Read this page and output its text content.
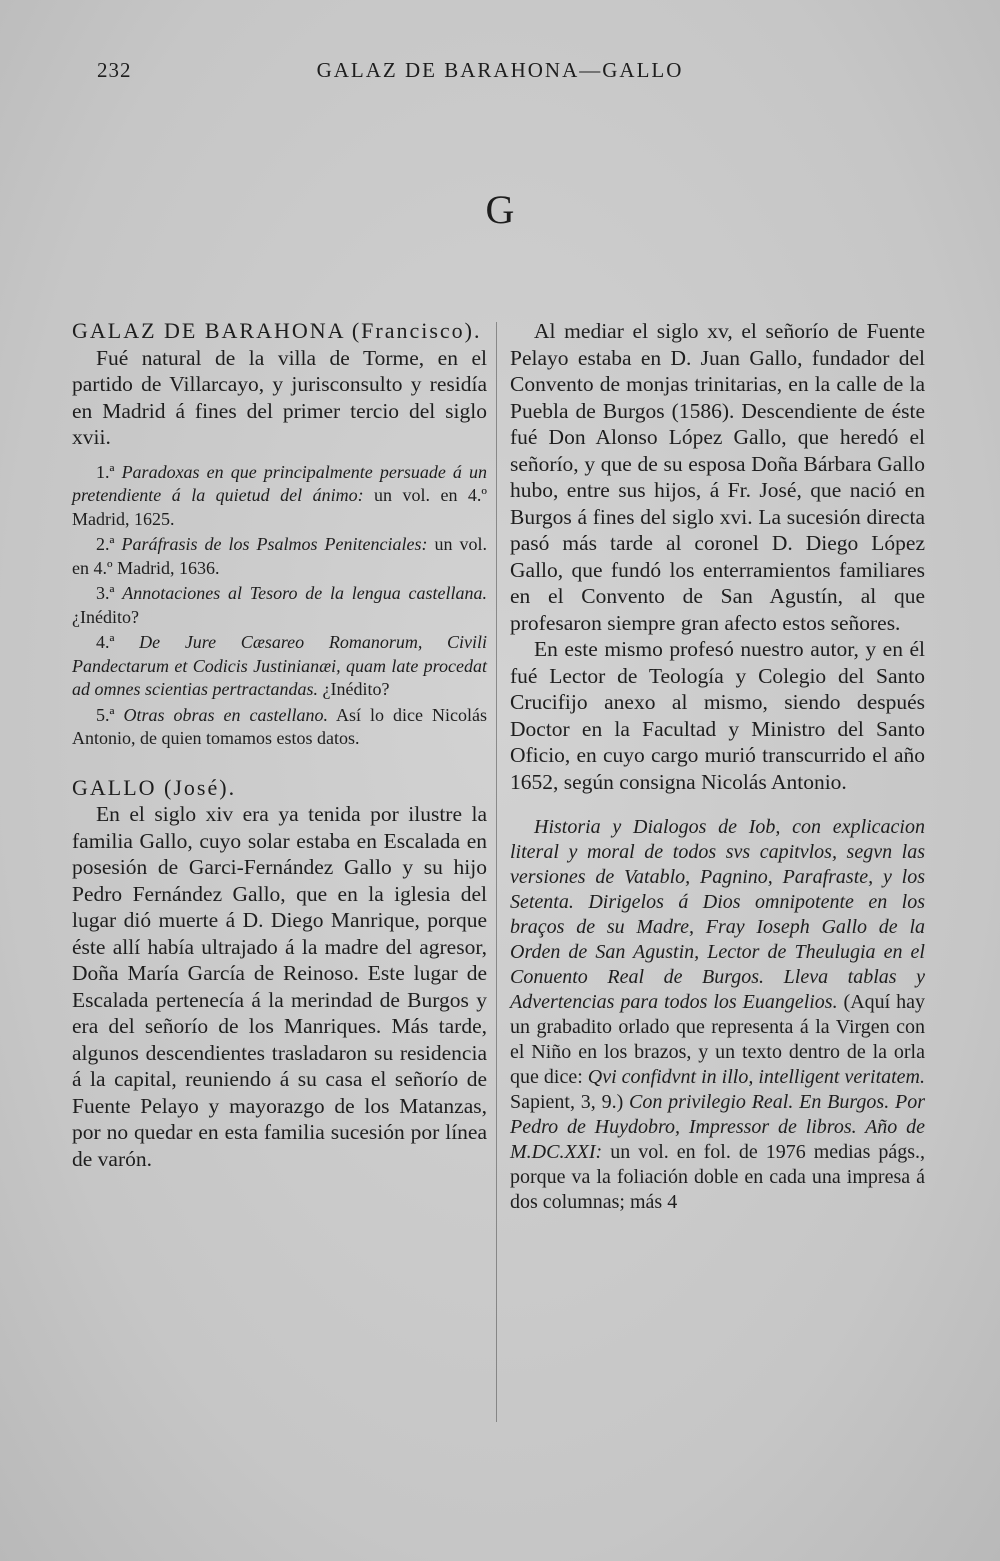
232	GALAZ DE BARAHONA—GALLO
G

GALAZ DE BARAHONA (Francisco).

Fué natural de la villa de Torme, en el partido de Villarcayo, y jurisconsulto y residía en Madrid á fines del primer tercio del siglo xvii.

1.ª Paradoxas en que principalmente persuade á un pretendiente á la quietud del ánimo: un vol. en 4.º Madrid, 1625.

2.ª Paráfrasis de los Psalmos Penitenciales: un vol. en 4.º Madrid, 1636.

3.ª Annotaciones al Tesoro de la lengua castellana. ¿Inédito?

4.ª De Jure Cæsareo Romanorum, Civili Pandectarum et Codicis Justinianæi, quam late procedat ad omnes scientias pertractandas. ¿Inédito?

5.ª Otras obras en castellano. Así lo dice Nicolás Antonio, de quien tomamos estos datos.

GALLO (José).

En el siglo xiv era ya tenida por ilustre la familia Gallo, cuyo solar estaba en Escalada en posesión de Garci-Fernández Gallo y su hijo Pedro Fernández Gallo, que en la iglesia del lugar dió muerte á D. Diego Manrique, porque éste allí había ultrajado á la madre del agresor, Doña María García de Reinoso. Este lugar de Escalada pertenecía á la merindad de Burgos y era del señorío de los Manriques. Más tarde, algunos descendientes trasladaron su residencia á la capital, reuniendo á su casa el señorío de Fuente Pelayo y mayorazgo de los Matanzas, por no quedar en esta familia sucesión por línea de varón.

Al mediar el siglo xv, el señorío de Fuente Pelayo estaba en D. Juan Gallo, fundador del Convento de monjas trinitarias, en la calle de la Puebla de Burgos (1586). Descendiente de éste fué Don Alonso López Gallo, que heredó el señorío, y que de su esposa Doña Bárbara Gallo hubo, entre sus hijos, á Fr. José, que nació en Burgos á fines del siglo xvi. La sucesión directa pasó más tarde al coronel D. Diego López Gallo, que fundó los enterramientos familiares en el Convento de San Agustín, al que profesaron siempre gran afecto estos señores.

En este mismo profesó nuestro autor, y en él fué Lector de Teología y Colegio del Santo Crucifijo anexo al mismo, siendo después Doctor en la Facultad y Ministro del Santo Oficio, en cuyo cargo murió transcurrido el año 1652, según consigna Nicolás Antonio.

Historia y Dialogos de Iob, con explicacion literal y moral de todos svs capitvlos, segvn las versiones de Vatablo, Pagnino, Parafraste, y los Setenta. Dirigelos á Dios omnipotente en los braços de su Madre, Fray Ioseph Gallo de la Orden de San Agustin, Lector de Theulugia en el Conuento Real de Burgos. Lleva tablas y Advertencias para todos los Euangelios. (Aquí hay un grabadito orlado que representa á la Virgen con el Niño en los brazos, y un texto dentro de la orla que dice: Qvi confidvnt in illo, intelligent veritatem. Sapient, 3, 9.) Con privilegio Real. En Burgos. Por Pedro de Huydobro, Impressor de libros. Año de M.DC.XXI: un vol. en fol. de 1976 medias págs., porque va la foliación doble en cada una impresa á dos columnas; más 4
